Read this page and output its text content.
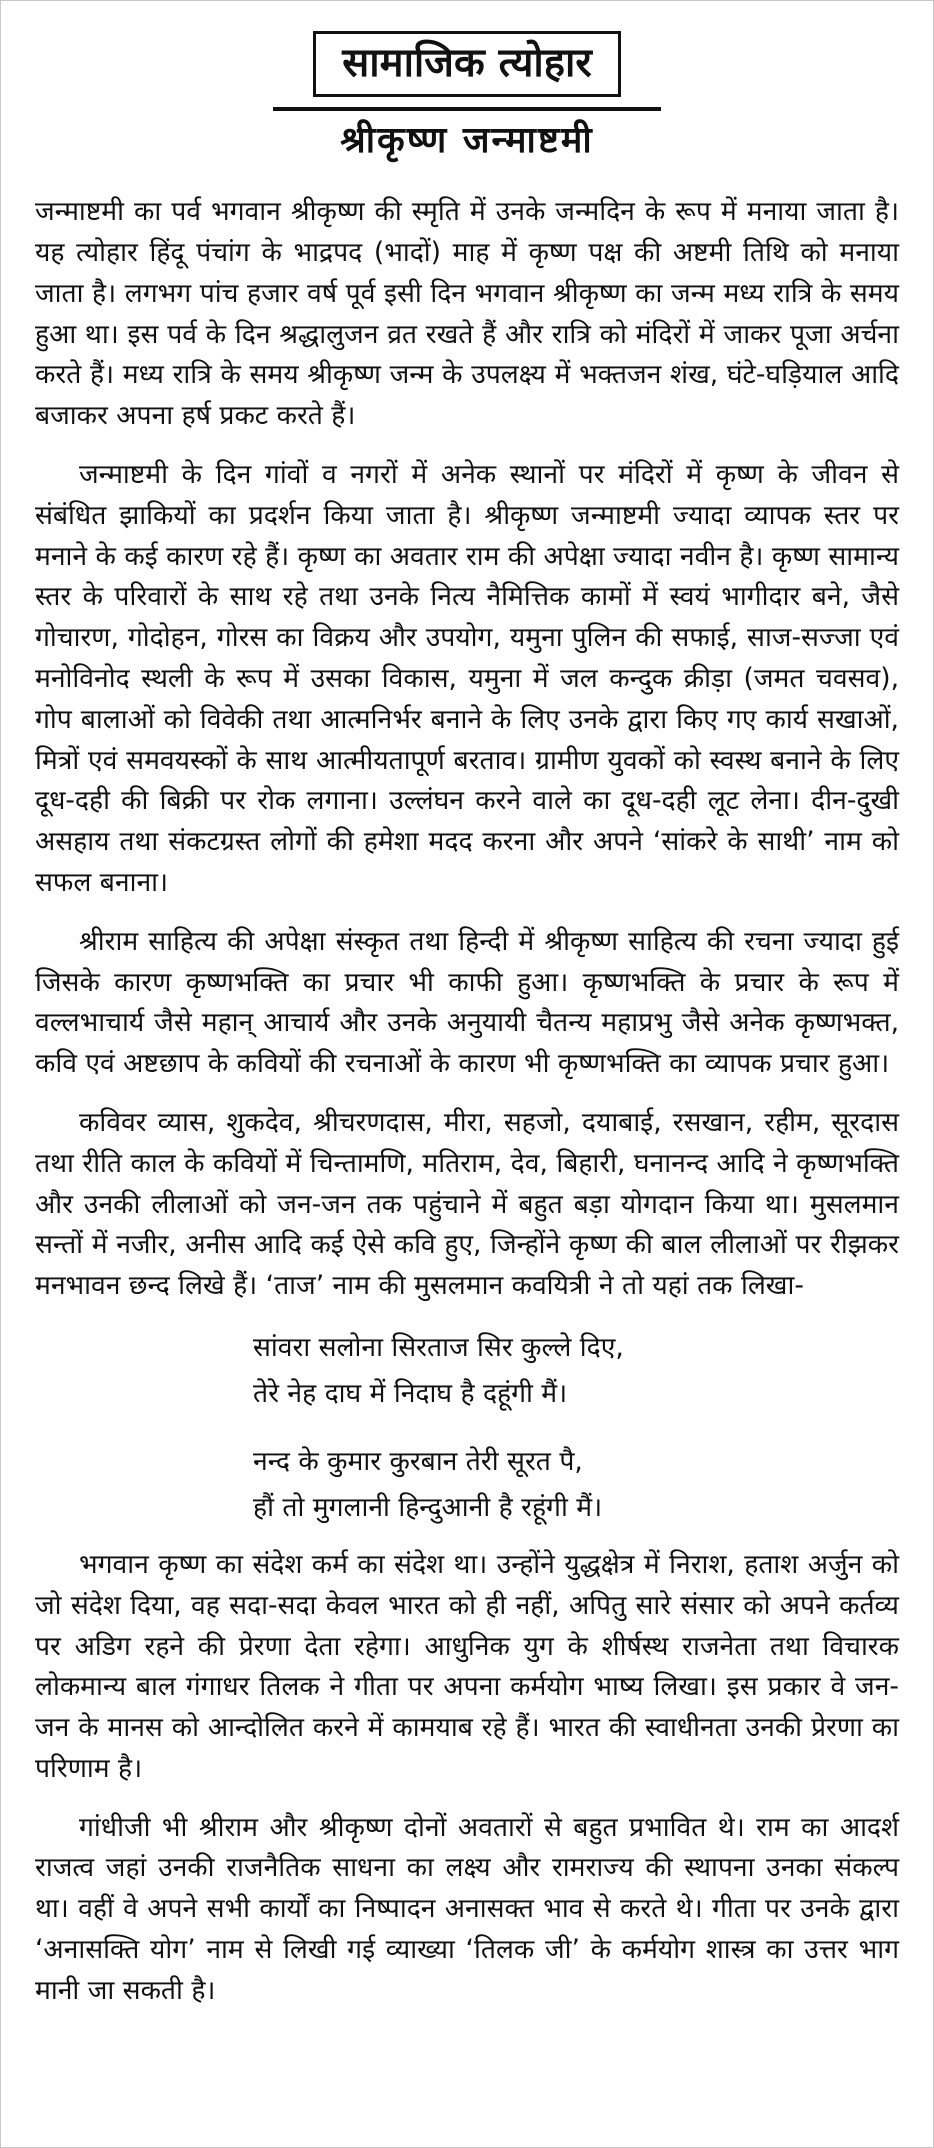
सामाजिक त्योहार
श्रीकृष्ण जन्माष्टमी

जन्माष्टमी का पर्व भगवान श्रीकृष्ण की स्मृति में उनके जन्मदिन के रूप में मनाया जाता है। यह त्योहार हिंदू पंचांग के भाद्रपद (भादों) माह में कृष्ण पक्ष की अष्टमी तिथि को मनाया जाता है। लगभग पांच हजार वर्ष पूर्व इसी दिन भगवान श्रीकृष्ण का जन्म मध्य रात्रि के समय हुआ था। इस पर्व के दिन श्रद्धालुजन व्रत रखते हैं और रात्रि को मंदिरों में जाकर पूजा अर्चना करते हैं। मध्य रात्रि के समय श्रीकृष्ण जन्म के उपलक्ष्य में भक्तजन शंख, घंटे-घड़ियाल आदि बजाकर अपना हर्ष प्रकट करते हैं।

जन्माष्टमी के दिन गांवों व नगरों में अनेक स्थानों पर मंदिरों में कृष्ण के जीवन से संबंधित झाकियों का प्रदर्शन किया जाता है। श्रीकृष्ण जन्माष्टमी ज्यादा व्यापक स्तर पर मनाने के कई कारण रहे हैं। कृष्ण का अवतार राम की अपेक्षा ज्यादा नवीन है। कृष्ण सामान्य स्तर के परिवारों के साथ रहे तथा उनके नित्य नैमित्तिक कामों में स्वयं भागीदार बने, जैसे गोचारण, गोदोहन, गोरस का विक्रय और उपयोग, यमुना पुलिन की सफाई, साज-सज्जा एवं मनोविनोद स्थली के रूप में उसका विकास, यमुना में जल कन्दुक क्रीड़ा (जमत चवसव), गोप बालाओं को विवेकी तथा आत्मनिर्भर बनाने के लिए उनके द्वारा किए गए कार्य सखाओं, मित्रों एवं समवयस्कों के साथ आत्मीयतापूर्ण बरताव। ग्रामीण युवकों को स्वस्थ बनाने के लिए दूध-दही की बिक्री पर रोक लगाना। उल्लंघन करने वाले का दूध-दही लूट लेना। दीन-दुखी असहाय तथा संकटग्रस्त लोगों की हमेशा मदद करना और अपने ‘सांकरे के साथी’ नाम को सफल बनाना।

श्रीराम साहित्य की अपेक्षा संस्कृत तथा हिन्दी में श्रीकृष्ण साहित्य की रचना ज्यादा हुई जिसके कारण कृष्णभक्ति का प्रचार भी काफी हुआ। कृष्णभक्ति के प्रचार के रूप में वल्लभाचार्य जैसे महान् आचार्य और उनके अनुयायी चैतन्य महाप्रभु जैसे अनेक कृष्णभक्त, कवि एवं अष्टछाप के कवियों की रचनाओं के कारण भी कृष्णभक्ति का व्यापक प्रचार हुआ।

कविवर व्यास, शुकदेव, श्रीचरणदास, मीरा, सहजो, दयाबाई, रसखान, रहीम, सूरदास तथा रीति काल के कवियों में चिन्तामणि, मतिराम, देव, बिहारी, घनानन्द आदि ने कृष्णभक्ति और उनकी लीलाओं को जन-जन तक पहुंचाने में बहुत बड़ा योगदान किया था। मुसलमान सन्तों में नजीर, अनीस आदि कई ऐसे कवि हुए, जिन्होंने कृष्ण की बाल लीलाओं पर रीझकर मनभावन छन्द लिखे हैं। ‘ताज’ नाम की मुसलमान कवयित्री ने तो यहां तक लिखा-

सांवरा सलोना सिरताज सिर कुल्ले दिए,
तेरे नेह दाघ में निदाघ है दहूंगी मैं।
नन्द के कुमार कुरबान तेरी सूरत पै,
हौं तो मुगलानी हिन्दुआनी है रहूंगी मैं।

भगवान कृष्ण का संदेश कर्म का संदेश था। उन्होंने युद्धक्षेत्र में निराश, हताश अर्जुन को जो संदेश दिया, वह सदा-सदा केवल भारत को ही नहीं, अपितु सारे संसार को अपने कर्तव्य पर अडिग रहने की प्रेरणा देता रहेगा। आधुनिक युग के शीर्षस्थ राजनेता तथा विचारक लोकमान्य बाल गंगाधर तिलक ने गीता पर अपना कर्मयोग भाष्य लिखा। इस प्रकार वे जन-जन के मानस को आन्दोलित करने में कामयाब रहे हैं। भारत की स्वाधीनता उनकी प्रेरणा का परिणाम है।

गांधीजी भी श्रीराम और श्रीकृष्ण दोनों अवतारों से बहुत प्रभावित थे। राम का आदर्श राजत्व जहां उनकी राजनैतिक साधना का लक्ष्य और रामराज्य की स्थापना उनका संकल्प था। वहीं वे अपने सभी कार्यों का निष्पादन अनासक्त भाव से करते थे। गीता पर उनके द्वारा ‘अनासक्ति योग’ नाम से लिखी गई व्याख्या ‘तिलक जी’ के कर्मयोग शास्त्र का उत्तर भाग मानी जा सकती है।
